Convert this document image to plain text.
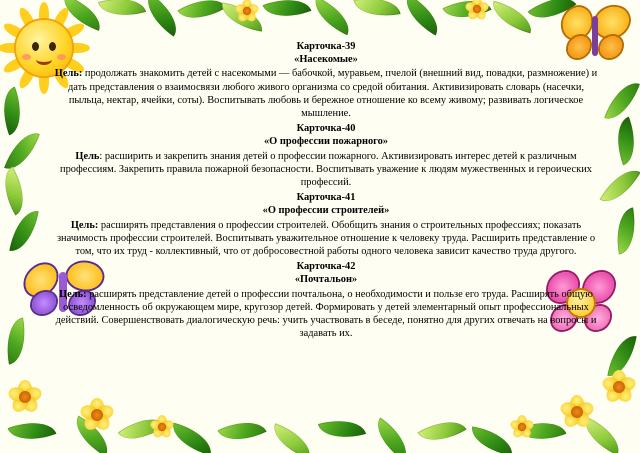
Карточка-39
«Насекомые»
Цель: продолжать знакомить детей с насекомыми — бабочкой, муравьем, пчелой (внешний вид, повадки, размножение) и дать представления о взаимосвязи любого живого организма со средой обитания. Активизировать словарь (насечки, пыльца, нектар, ячейки, соты). Воспитывать любовь и бережное отношение ко всему живому; развивать логическое мышление.
Карточка-40
«О профессии пожарного»
Цель: расширить и закрепить знания детей о профессии пожарного. Активизировать интерес детей к различным профессиям. Закрепить правила пожарной безопасности. Воспитывать уважение к людям мужественных и героических профессий.
Карточка-41
«О профессии строителей»
Цель: расширять представления о профессии строителей. Обобщить знания о строительных профессиях; показать значимость профессии строителей. Воспитывать уважительное отношение к человеку труда. Расширить представление о том, что их труд - коллективный, что от добросовестной работы одного человека зависит качество труда другого.
Карточка-42
«Почтальон»
Цель: расширять представление детей о профессии почтальона, о необходимости и пользе его труда. Расширять общую осведомленность об окружающем мире, кругозор детей. Формировать у детей элементарный опыт профессиональных действий. Совершенствовать диалогическую речь: учить участвовать в беседе, понятно для других отвечать на вопросы и задавать их.
